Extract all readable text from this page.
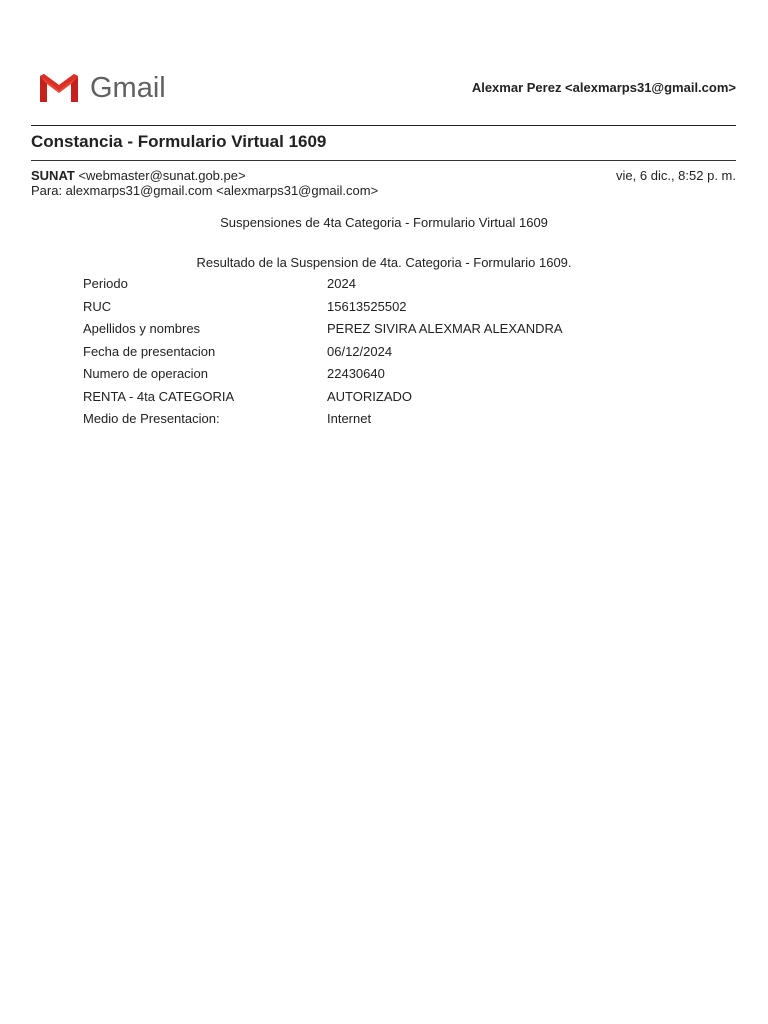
Gmail	Alexmar Perez <alexmarps31@gmail.com>
Constancia - Formulario Virtual 1609
SUNAT <webmaster@sunat.gob.pe>	vie, 6 dic., 8:52 p. m.
Para: alexmarps31@gmail.com <alexmarps31@gmail.com>
Suspensiones de 4ta Categoria - Formulario Virtual 1609
Resultado de la Suspension de 4ta. Categoria - Formulario 1609.
Periodo	2024
RUC	15613525502
Apellidos y nombres	PEREZ SIVIRA ALEXMAR ALEXANDRA
Fecha de presentacion	06/12/2024
Numero de operacion	22430640
RENTA - 4ta CATEGORIA	AUTORIZADO
Medio de Presentacion:	Internet
